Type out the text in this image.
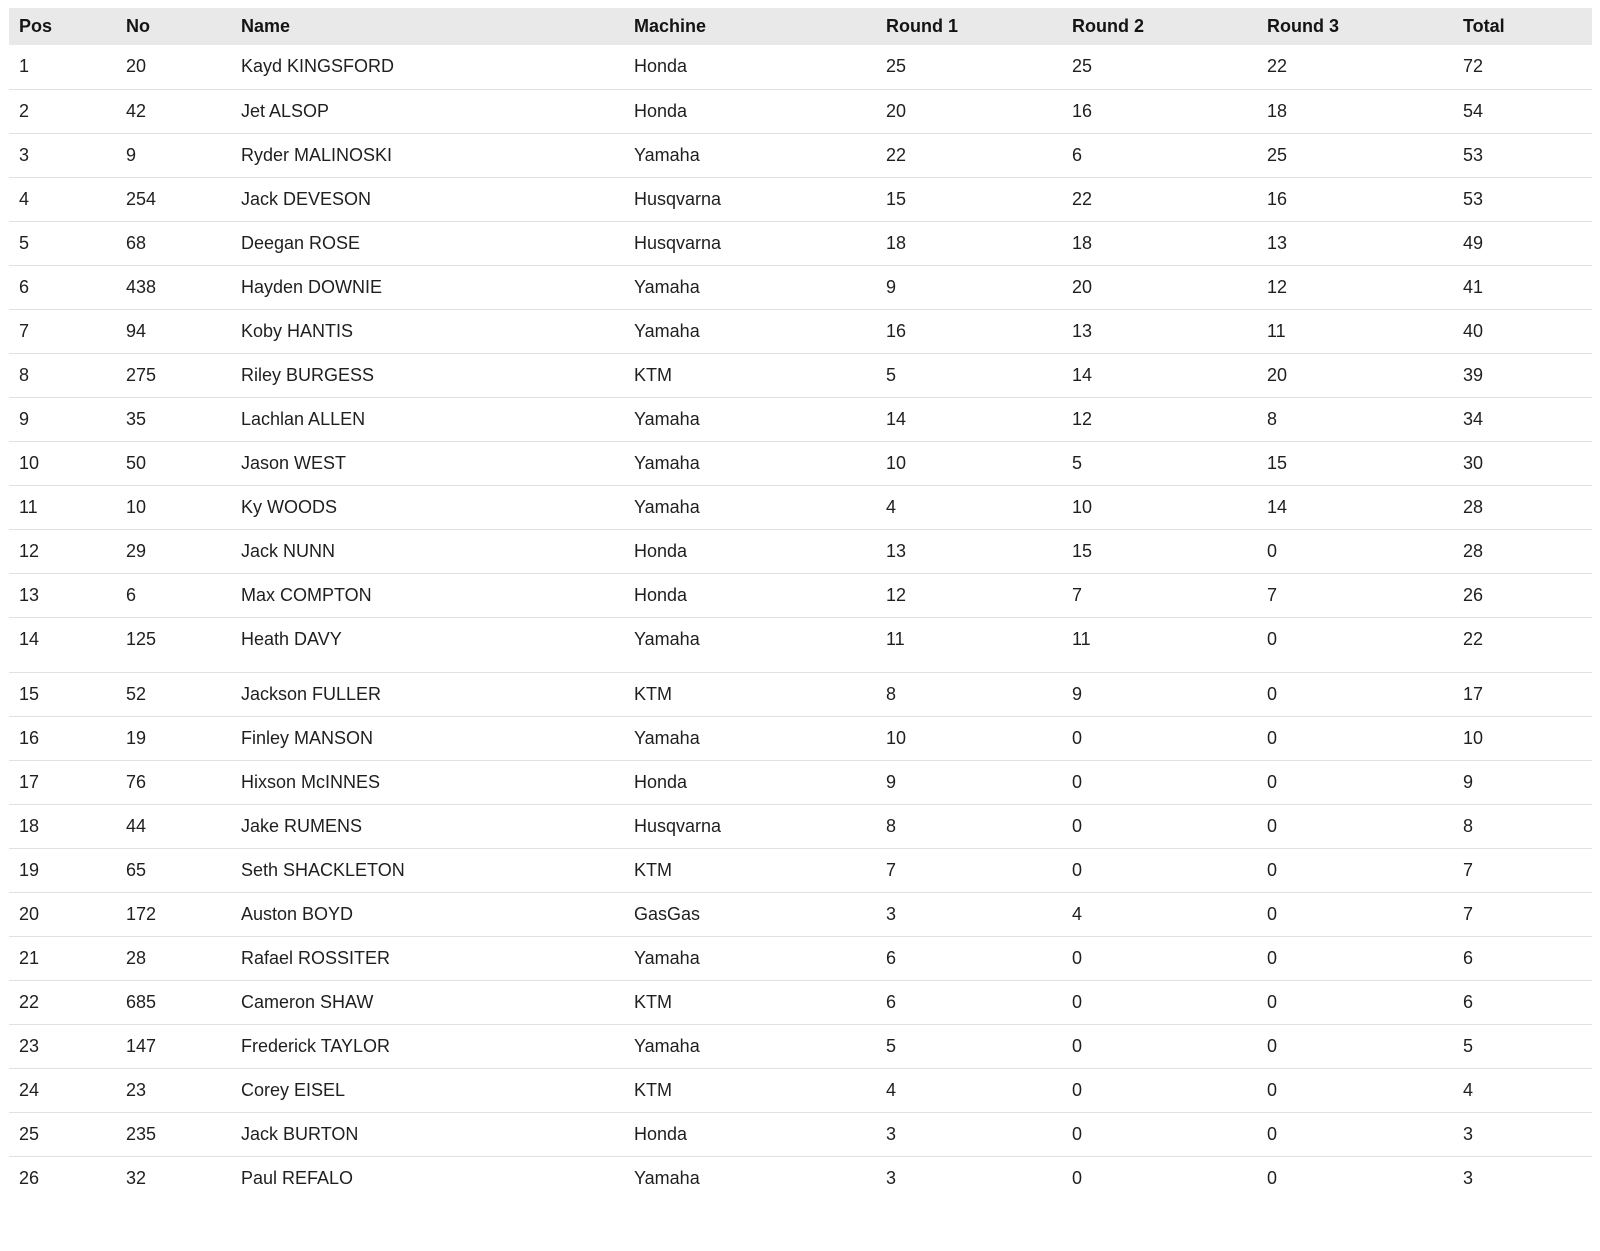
Pos	No	Name	Machine	Round 1	Round 2	Round 3	Total
1	20	Kayd KINGSFORD	Honda	25	25	22	72
2	42	Jet ALSOP	Honda	20	16	18	54
3	9	Ryder MALINOSKI	Yamaha	22	6	25	53
4	254	Jack DEVESON	Husqvarna	15	22	16	53
5	68	Deegan ROSE	Husqvarna	18	18	13	49
6	438	Hayden DOWNIE	Yamaha	9	20	12	41
7	94	Koby HANTIS	Yamaha	16	13	11	40
8	275	Riley BURGESS	KTM	5	14	20	39
9	35	Lachlan ALLEN	Yamaha	14	12	8	34
10	50	Jason WEST	Yamaha	10	5	15	30
11	10	Ky WOODS	Yamaha	4	10	14	28
12	29	Jack NUNN	Honda	13	15	0	28
13	6	Max COMPTON	Honda	12	7	7	26
14	125	Heath DAVY	Yamaha	11	11	0	22
15	52	Jackson FULLER	KTM	8	9	0	17
16	19	Finley MANSON	Yamaha	10	0	0	10
17	76	Hixson McINNES	Honda	9	0	0	9
18	44	Jake RUMENS	Husqvarna	8	0	0	8
19	65	Seth SHACKLETON	KTM	7	0	0	7
20	172	Auston BOYD	GasGas	3	4	0	7
21	28	Rafael ROSSITER	Yamaha	6	0	0	6
22	685	Cameron SHAW	KTM	6	0	0	6
23	147	Frederick TAYLOR	Yamaha	5	0	0	5
24	23	Corey EISEL	KTM	4	0	0	4
25	235	Jack BURTON	Honda	3	0	0	3
26	32	Paul REFALO	Yamaha	3	0	0	3
